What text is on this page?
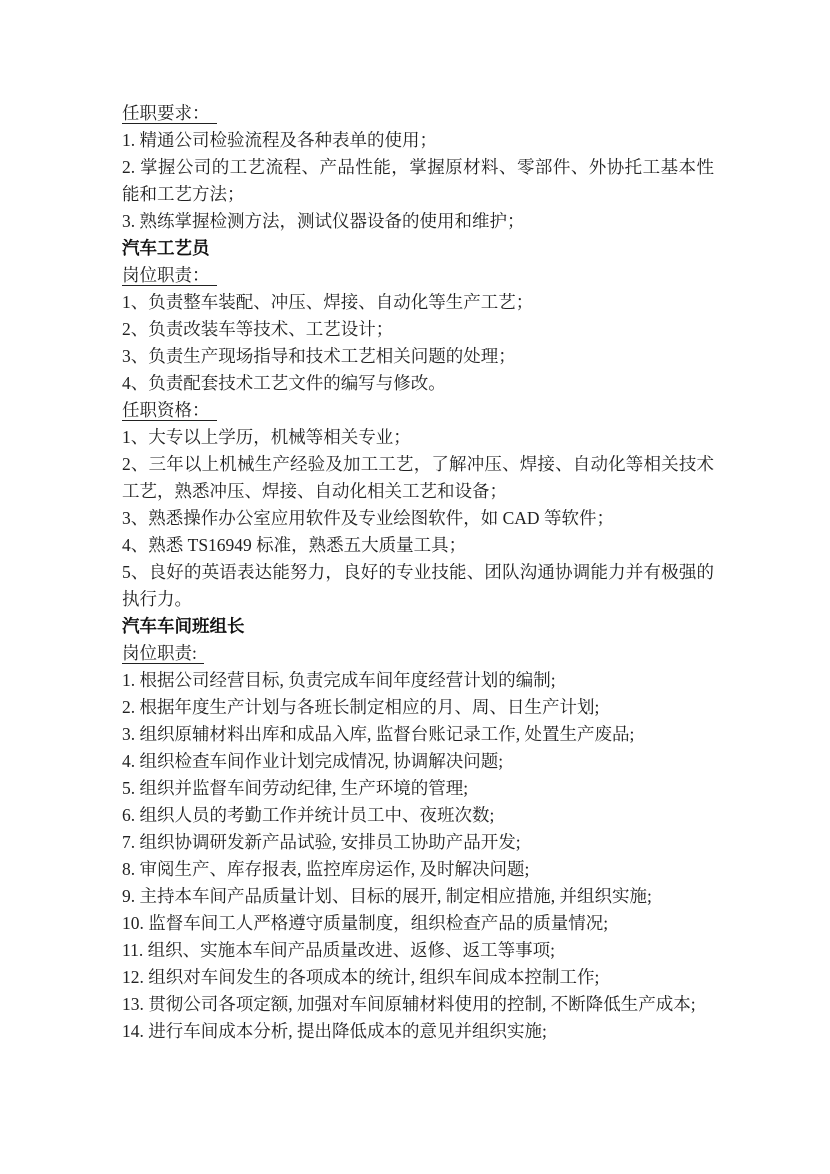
任职要求：

1. 精通公司检验流程及各种表单的使用；

2. 掌握公司的工艺流程、产品性能，掌握原材料、零部件、外协托工基本性能和工艺方法；

3. 熟练掌握检测方法，测试仪器设备的使用和维护；

汽车工艺员

岗位职责：

1、负责整车装配、冲压、焊接、自动化等生产工艺；

2、负责改装车等技术、工艺设计；

3、负责生产现场指导和技术工艺相关问题的处理；

4、负责配套技术工艺文件的编写与修改。

任职资格：

1、大专以上学历，机械等相关专业；

2、三年以上机械生产经验及加工工艺，了解冲压、焊接、自动化等相关技术工艺，熟悉冲压、焊接、自动化相关工艺和设备；

3、熟悉操作办公室应用软件及专业绘图软件，如 CAD 等软件；

4、熟悉 TS16949 标准，熟悉五大质量工具；

5、良好的英语表达能努力，良好的专业技能、团队沟通协调能力并有极强的执行力。

汽车车间班组长

岗位职责:

1. 根据公司经营目标, 负责完成车间年度经营计划的编制;

2. 根据年度生产计划与各班长制定相应的月、周、日生产计划;

3. 组织原辅材料出库和成品入库, 监督台账记录工作, 处置生产废品;

4. 组织检查车间作业计划完成情况, 协调解决问题;

5. 组织并监督车间劳动纪律, 生产环境的管理;

6. 组织人员的考勤工作并统计员工中、夜班次数;

7. 组织协调研发新产品试验, 安排员工协助产品开发;

8. 审阅生产、库存报表, 监控库房运作, 及时解决问题;

9. 主持本车间产品质量计划、目标的展开, 制定相应措施, 并组织实施;

10. 监督车间工人严格遵守质量制度，组织检查产品的质量情况;

11. 组织、实施本车间产品质量改进、返修、返工等事项;

12. 组织对车间发生的各项成本的统计, 组织车间成本控制工作;

13. 贯彻公司各项定额, 加强对车间原辅材料使用的控制, 不断降低生产成本;

14. 进行车间成本分析, 提出降低成本的意见并组织实施;
